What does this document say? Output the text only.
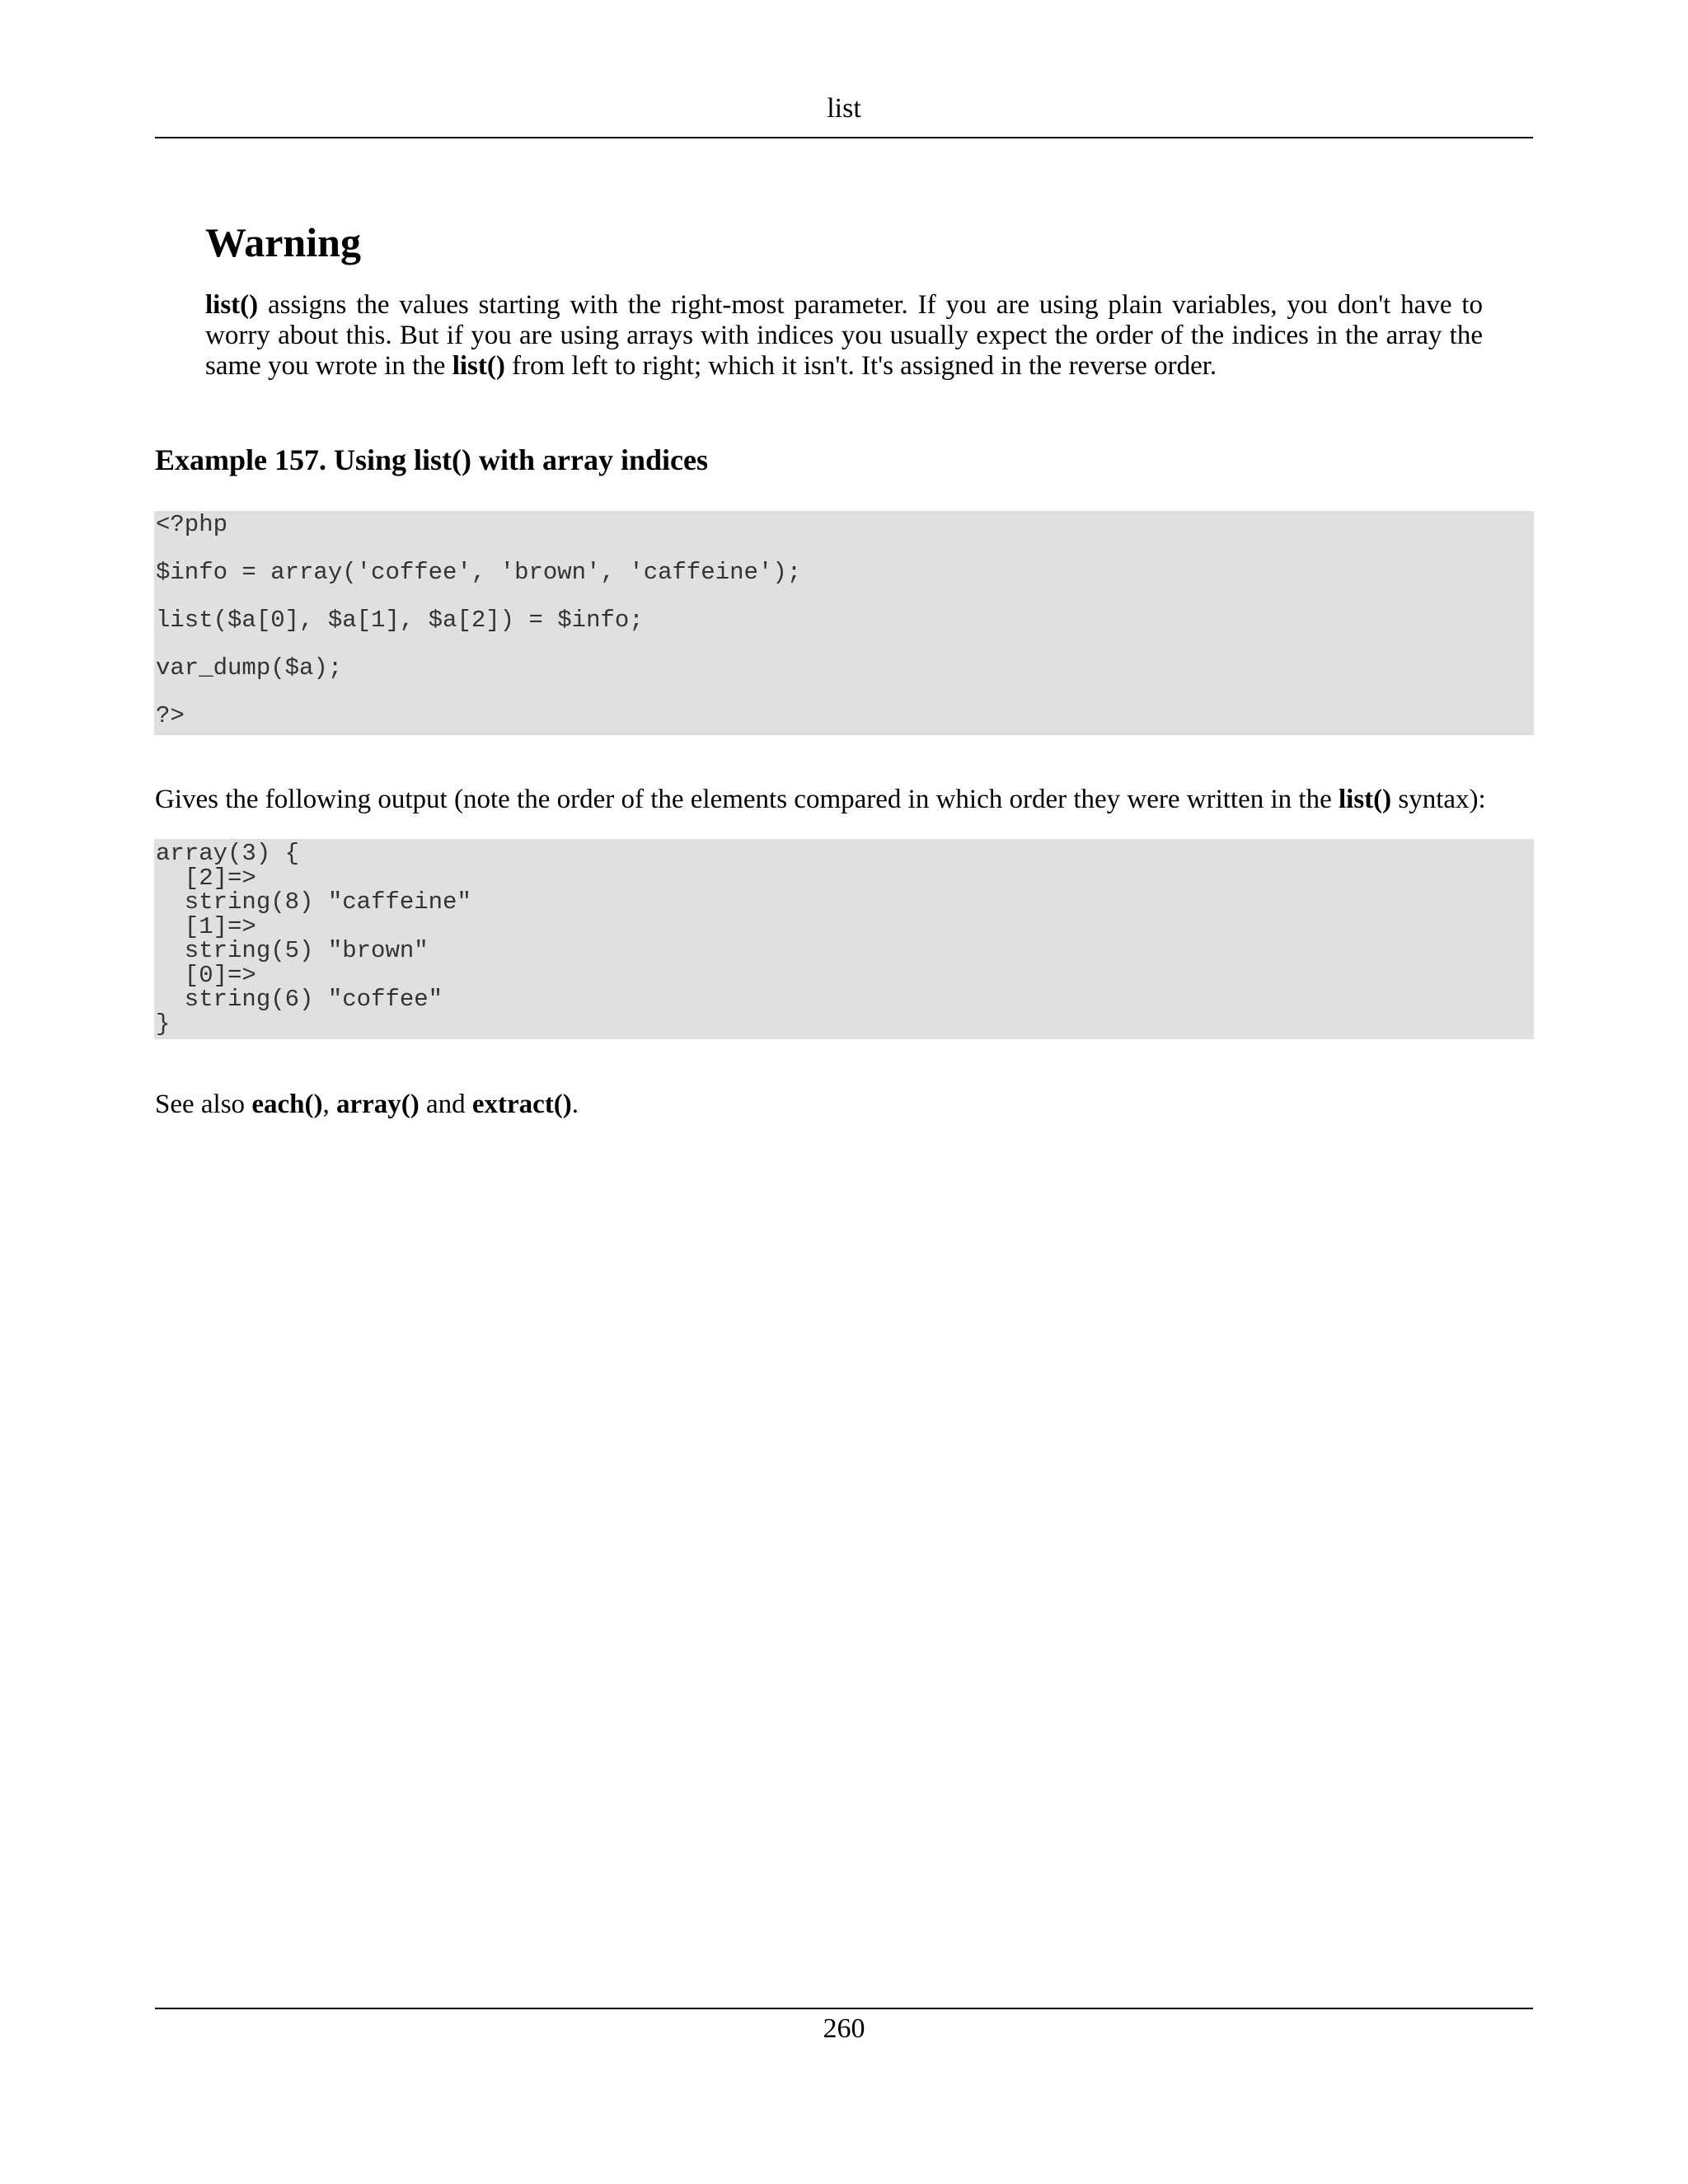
list
Warning

list() assigns the values starting with the right-most parameter. If you are using plain variables, you don't have to worry about this. But if you are using arrays with indices you usually expect the order of the indices in the array the same you wrote in the list() from left to right; which it isn't. It's assigned in the reverse order.

Example 157. Using list() with array indices

<?php

$info = array('coffee', 'brown', 'caffeine');

list($a[0], $a[1], $a[2]) = $info;

var_dump($a);

?>

Gives the following output (note the order of the elements compared in which order they were written in the list() syntax):

array(3) {
[2]=>
string(8) "caffeine"
[1]=>
string(5) "brown"
[0]=>
string(6) "coffee"
}

See also each(), array() and extract().

260
